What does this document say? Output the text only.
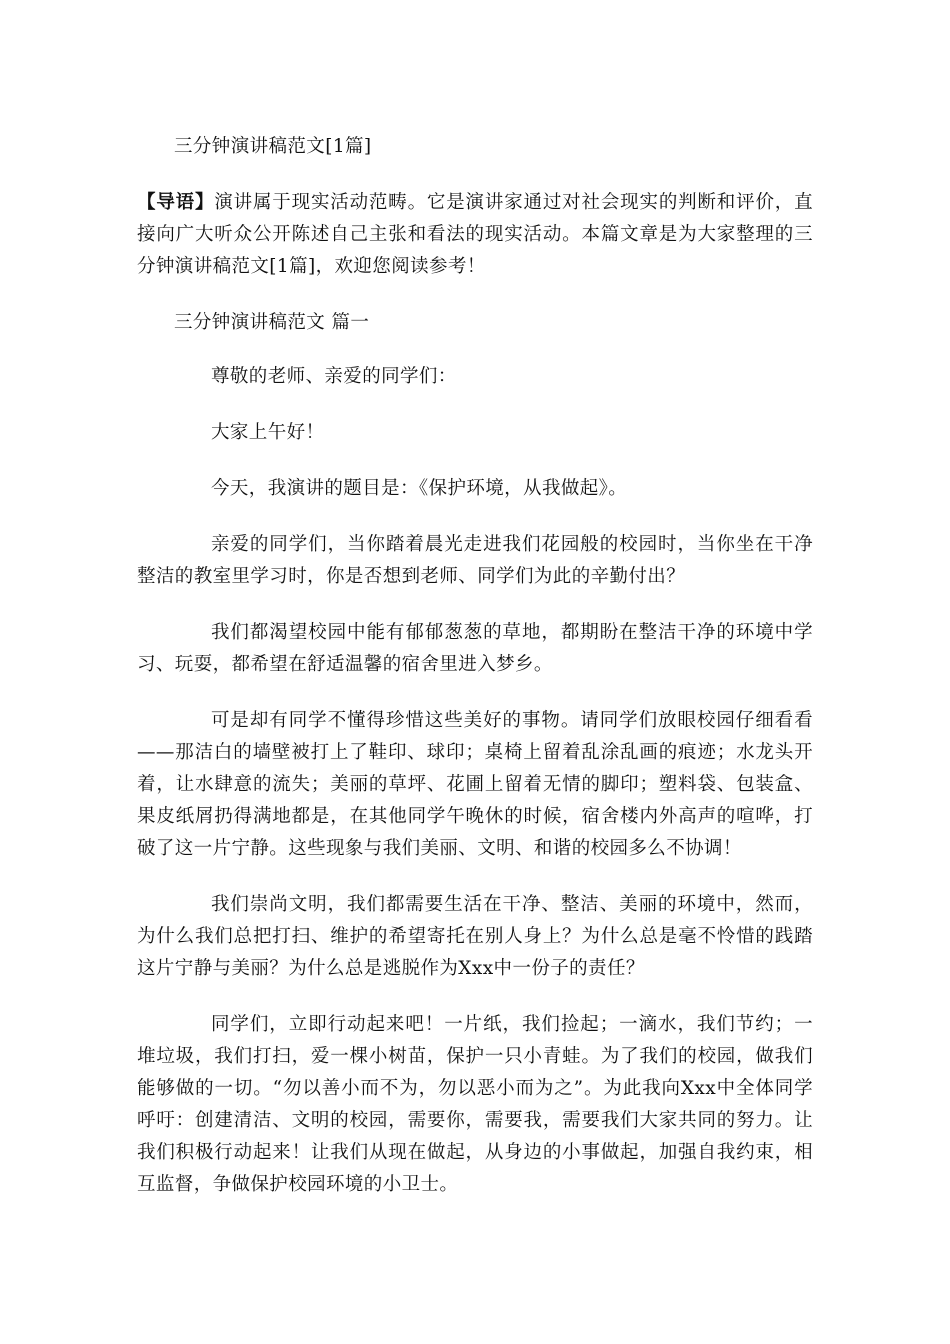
三分钟演讲稿范文[1篇]

【导语】演讲属于现实活动范畴。它是演讲家通过对社会现实的判断和评价，直接向广大听众公开陈述自己主张和看法的现实活动。本篇文章是为大家整理的三分钟演讲稿范文[1篇]，欢迎您阅读参考！

三分钟演讲稿范文 篇一

尊敬的老师、亲爱的同学们：

大家上午好！

今天，我演讲的题目是：《保护环境，从我做起》。

亲爱的同学们，当你踏着晨光走进我们花园般的校园时，当你坐在干净整洁的教室里学习时，你是否想到老师、同学们为此的辛勤付出？

我们都渴望校园中能有郁郁葱葱的草地，都期盼在整洁干净的环境中学习、玩耍，都希望在舒适温馨的宿舍里进入梦乡。

可是却有同学不懂得珍惜这些美好的事物。请同学们放眼校园仔细看看——那洁白的墙壁被打上了鞋印、球印；桌椅上留着乱涂乱画的痕迹；水龙头开着，让水肆意的流失；美丽的草坪、花圃上留着无情的脚印；塑料袋、包装盒、果皮纸屑扔得满地都是，在其他同学午晚休的时候，宿舍楼内外高声的喧哗，打破了这一片宁静。这些现象与我们美丽、文明、和谐的校园多么不协调！

我们崇尚文明，我们都需要生活在干净、整洁、美丽的环境中，然而，为什么我们总把打扫、维护的希望寄托在别人身上？为什么总是毫不怜惜的践踏这片宁静与美丽？为什么总是逃脱作为Xxx中一份子的责任？

同学们，立即行动起来吧！一片纸，我们捡起；一滴水，我们节约；一堆垃圾，我们打扫，爱一棵小树苗，保护一只小青蛙。为了我们的校园，做我们能够做的一切。“勿以善小而不为，勿以恶小而为之”。为此我向Xxx中全体同学呼吁：创建清洁、文明的校园，需要你，需要我，需要我们大家共同的努力。让我们积极行动起来！让我们从现在做起，从身边的小事做起，加强自我约束，相互监督，争做保护校园环境的小卫士。
